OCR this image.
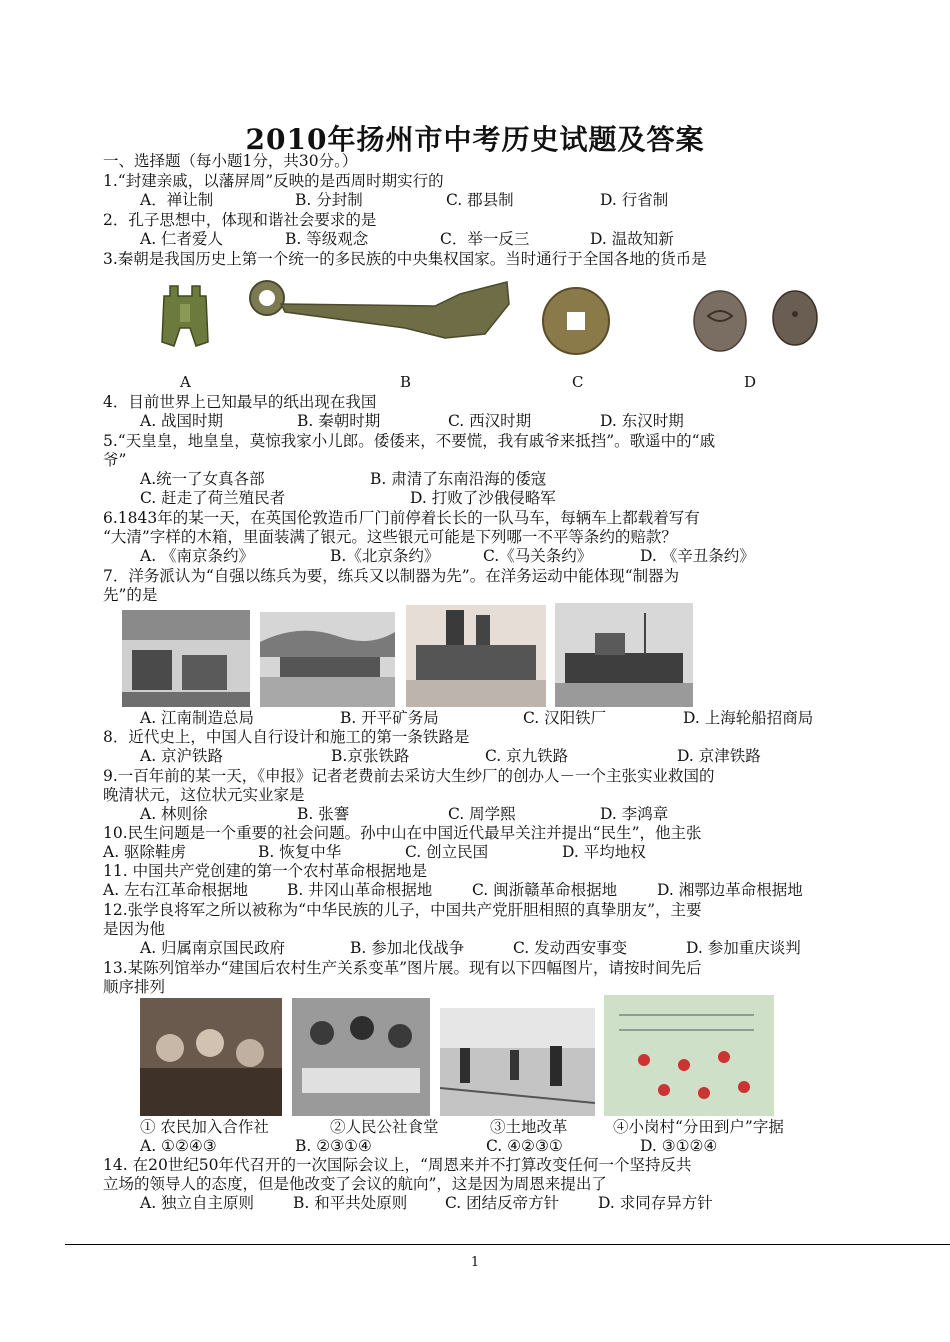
2010年扬州市中考历史试题及答案
一、选择题（每小题1分，共30分。）
1.“封建亲戚，以藩屏周”反映的是西周时期实行的
A．禅让制	B. 分封制	C. 郡县制	D. 行省制
2．孔子思想中，体现和谐社会要求的是
A. 仁者爱人	B. 等级观念	C．举一反三	D. 温故知新
3.秦朝是我国历史上第一个统一的多民族的中央集权国家。当时通行于全国各地的货币是
A	B	C	D
4．目前世界上已知最早的纸出现在我国
A. 战国时期	B. 秦朝时期	C. 西汉时期	D. 东汉时期
5.“天皇皇，地皇皇，莫惊我家小儿郎。倭倭来，不要慌，我有戚爷来抵挡”。歌遥中的“戚
爷”
A.统一了女真各部	B. 肃清了东南沿海的倭寇
C. 赶走了荷兰殖民者	D. 打败了沙俄侵略军
6.1843年的某一天，在英国伦敦造币厂门前停着长长的一队马车，每辆车上都载着写有
“大清”字样的木箱，里面装满了银元。这些银元可能是下列哪一不平等条约的赔款？
A. 《南京条约》	B.《北京条约》	C.《马关条约》	D. 《辛丑条约》
7．洋务派认为“自强以练兵为要，练兵又以制器为先”。在洋务运动中能体现“制器为
先”的是
A. 江南制造总局	B. 开平矿务局	C. 汉阳铁厂	D. 上海轮船招商局
8．近代史上，中国人自行设计和施工的第一条铁路是
A. 京沪铁路	B.京张铁路	C. 京九铁路	D. 京津铁路
9.一百年前的某一天，《申报》记者老费前去采访大生纱厂的创办人－一个主张实业救国的
晚清状元，这位状元实业家是
A. 林则徐	B. 张謇	C. 周学熙	D. 李鸿章
10.民生问题是一个重要的社会问题。孙中山在中国近代最早关注并提出“民生”，他主张
A. 驱除鞋虏	B. 恢复中华	C. 创立民国	D. 平均地权
11. 中国共产党创建的第一个农村革命根据地是
A. 左右江革命根据地	B. 井冈山革命根据地	C. 闽浙赣革命根据地	D. 湘鄂边革命根据地
12.张学良将军之所以被称为“中华民族的儿子，中国共产党肝胆相照的真挚朋友”，主要
是因为他
A. 归属南京国民政府	B. 参加北伐战争	C. 发动西安事变	D. 参加重庆谈判
13.某陈列馆举办“建国后农村生产关系变革”图片展。现有以下四幅图片，请按时间先后
顺序排列
① 农民加入合作社	②人民公社食堂	③土地改革	④小岗村“分田到户”字据
A. ①②④③	B. ②③①④	C. ④②③①	D. ③①②④
14. 在20世纪50年代召开的一次国际会议上，“周恩来并不打算改变任何一个坚持反共
立场的领导人的态度，但是他改变了会议的航向”，这是因为周恩来提出了
A. 独立自主原则	B. 和平共处原则 C. 团结反帝方针	D. 求同存异方针
1
